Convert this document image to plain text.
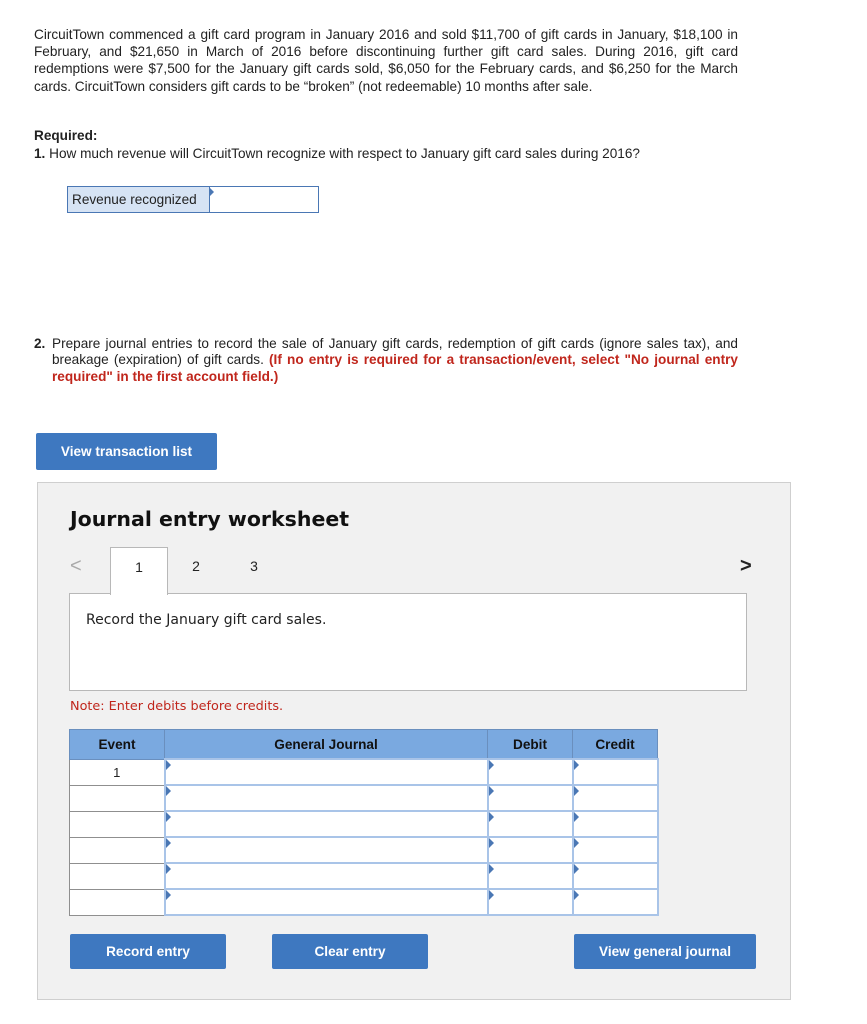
CircuitTown commenced a gift card program in January 2016 and sold $11,700 of gift cards in January, $18,100 in February, and $21,650 in March of 2016 before discontinuing further gift card sales. During 2016, gift card redemptions were $7,500 for the January gift cards sold, $6,050 for the February cards, and $6,250 for the March cards. CircuitTown considers gift cards to be “broken” (not redeemable) 10 months after sale.

Required:

1. How much revenue will CircuitTown recognize with respect to January gift card sales during 2016?

Revenue recognized

2. Prepare journal entries to record the sale of January gift cards, redemption of gift cards (ignore sales tax), and breakage (expiration) of gift cards. (If no entry is required for a transaction/event, select "No journal entry required" in the first account field.)

View transaction list
Journal entry worksheet
<	1	2	3	>

Record the January gift card sales.

Note: Enter debits before credits.

Event	General Journal	Debit	Credit
1	

Record entry	Clear entry	View general journal
